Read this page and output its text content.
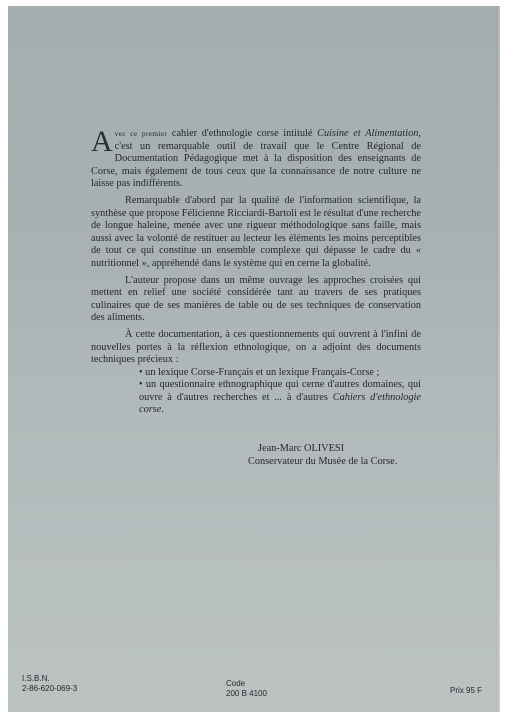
Avec ce premier cahier d'ethnologie corse intitulé Cuisine et Alimentation, c'est un remarquable outil de travail que le Centre Régional de Documentation Pédagogique met à la disposition des enseignants de Corse, mais également de tous ceux que la connaissance de notre culture ne laisse pas indifférents.

Remarquable d'abord par la qualité de l'information scientifique, la synthèse que propose Félicienne Ricciardi-Bartoli est le résultat d'une recherche de longue haleine, menée avec une rigueur méthodologique sans faille, mais aussi avec la volonté de restituer au lecteur les éléments les moins perceptibles de tout ce qui constitue un ensemble complexe qui dépasse le cadre du « nutritionnel », appréhendé dans le système qui en cerne la globalité.

L'auteur propose dans un même ouvrage les approches croisées qui mettent en relief une société considérée tant au travers de ses pratiques culinaires que de ses manières de table ou de ses techniques de conservation des aliments.

À cette documentation, à ces questionnements qui ouvrent à l'infini de nouvelles portes à la réflexion ethnologique, on a adjoint des documents techniques précieux :

• un lexique Corse-Français et un lexique Français-Corse ;
• un questionnaire ethnographique qui cerne d'autres domaines, qui ouvre à d'autres recherches et ... à d'autres Cahiers d'ethnologie corse.
Jean-Marc OLIVESI
Conservateur du Musée de la Corse.
I.S.B.N.
2-86-620-069-3
Code
200 B 4100	Prix 95 F
